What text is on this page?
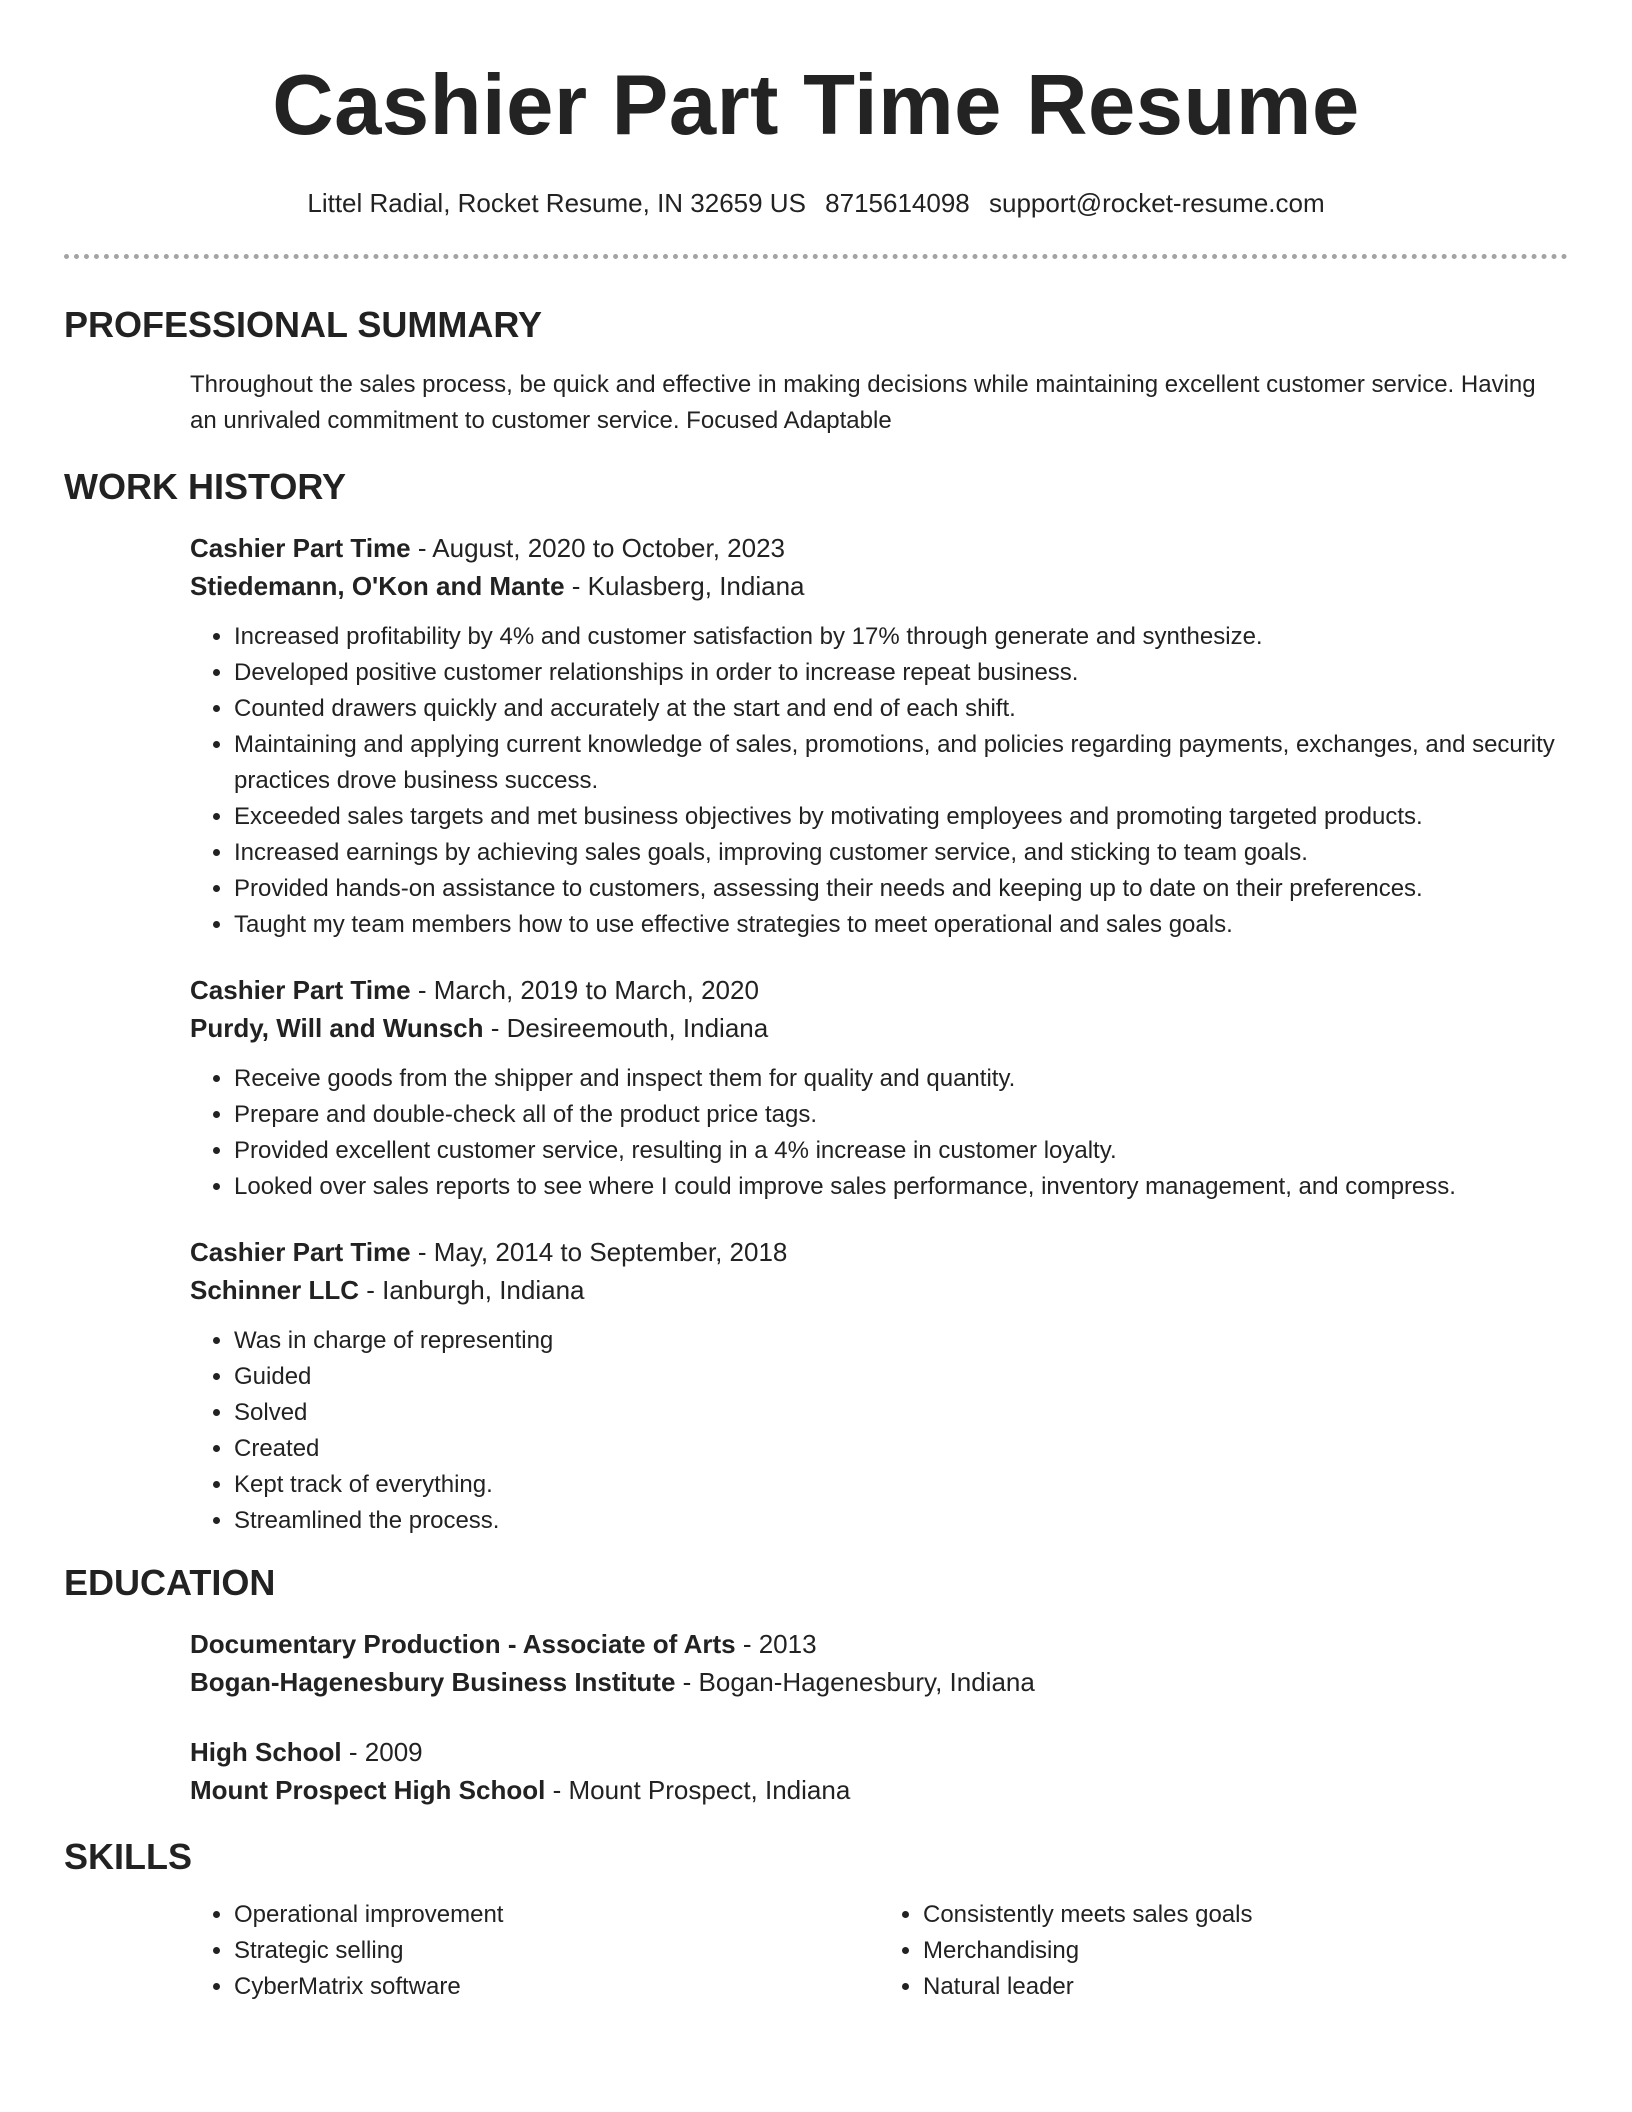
Cashier Part Time Resume
Littel Radial, Rocket Resume, IN 32659 US 8715614098 support@rocket-resume.com
PROFESSIONAL SUMMARY
Throughout the sales process, be quick and effective in making decisions while maintaining excellent customer service. Having an unrivaled commitment to customer service. Focused Adaptable
WORK HISTORY
Cashier Part Time - August, 2020 to October, 2023
Stiedemann, O'Kon and Mante - Kulasberg, Indiana
• Increased profitability by 4% and customer satisfaction by 17% through generate and synthesize.
• Developed positive customer relationships in order to increase repeat business.
• Counted drawers quickly and accurately at the start and end of each shift.
• Maintaining and applying current knowledge of sales, promotions, and policies regarding payments, exchanges, and security practices drove business success.
• Exceeded sales targets and met business objectives by motivating employees and promoting targeted products.
• Increased earnings by achieving sales goals, improving customer service, and sticking to team goals.
• Provided hands-on assistance to customers, assessing their needs and keeping up to date on their preferences.
• Taught my team members how to use effective strategies to meet operational and sales goals.
Cashier Part Time - March, 2019 to March, 2020
Purdy, Will and Wunsch - Desireemouth, Indiana
• Receive goods from the shipper and inspect them for quality and quantity.
• Prepare and double-check all of the product price tags.
• Provided excellent customer service, resulting in a 4% increase in customer loyalty.
• Looked over sales reports to see where I could improve sales performance, inventory management, and compress.
Cashier Part Time - May, 2014 to September, 2018
Schinner LLC - Ianburgh, Indiana
• Was in charge of representing
• Guided
• Solved
• Created
• Kept track of everything.
• Streamlined the process.
EDUCATION
Documentary Production - Associate of Arts - 2013
Bogan-Hagenesbury Business Institute - Bogan-Hagenesbury, Indiana
High School - 2009
Mount Prospect High School - Mount Prospect, Indiana
SKILLS
• Operational improvement
• Strategic selling
• CyberMatrix software
• Consistently meets sales goals
• Merchandising
• Natural leader
